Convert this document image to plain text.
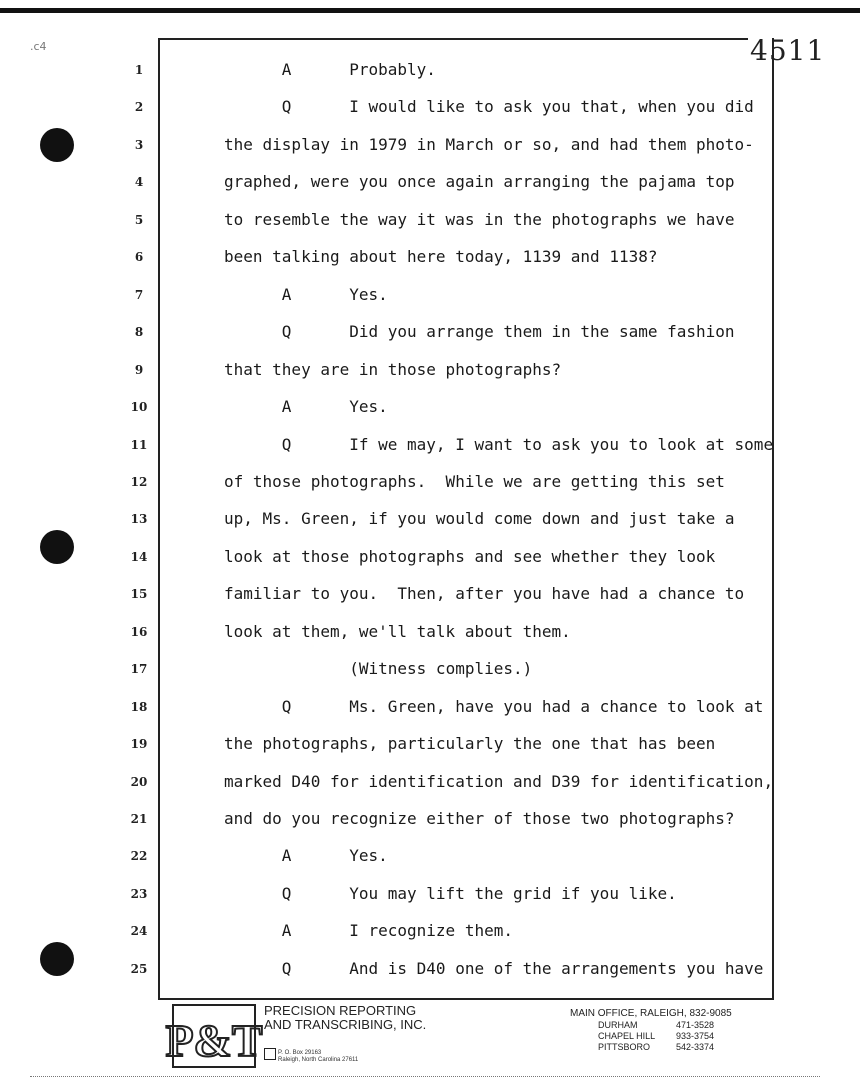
.c4	4511
1	A      Probably.
2	Q      I would like to ask you that, when you did
3	the display in 1979 in March or so, and had them photo-
4	graphed, were you once again arranging the pajama top
5	to resemble the way it was in the photographs we have
6	been talking about here today, 1139 and 1138?
7	A      Yes.
8	Q      Did you arrange them in the same fashion
9	that they are in those photographs?
10	A      Yes.
11	Q      If we may, I want to ask you to look at some
12	of those photographs.  While we are getting this set
13	up, Ms. Green, if you would come down and just take a
14	look at those photographs and see whether they look
15	familiar to you.  Then, after you have had a chance to
16	look at them, we'll talk about them.
17	(Witness complies.)
18	Q      Ms. Green, have you had a chance to look at
19	the photographs, particularly the one that has been
20	marked D40 for identification and D39 for identification,
21	and do you recognize either of those two photographs?
22	A      Yes.
23	Q      You may lift the grid if you like.
24	A      I recognize them.
25	Q      And is D40 one of the arrangements you have
P&T
PRECISION REPORTING
AND TRANSCRIBING, INC.
P. O. Box 29163
Raleigh, North Carolina 27611
MAIN OFFICE, RALEIGH, 832-9085
DURHAM	471-3528
CHAPEL HILL	933-3754
PITTSBORO	542-3374
